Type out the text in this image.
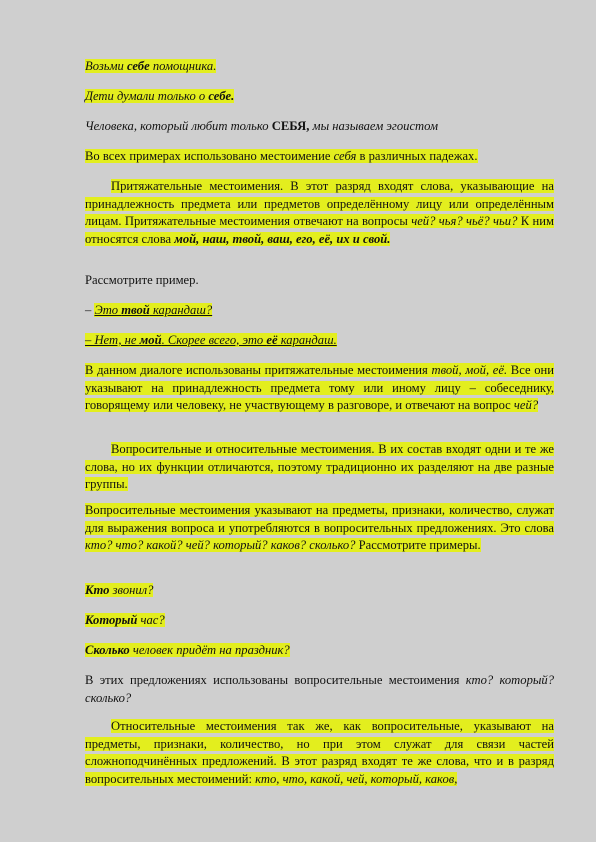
Возьми себе помощника.
Дети думали только о себе.
Человека, который любит только СЕБЯ, мы называем эгоистом
Во всех примерах использовано местоимение себя в различных падежах.
Притяжательные местоимения. В этот разряд входят слова, указывающие на принадлежность предмета или предметов определённому лицу или определённым лицам. Притяжательные местоимения отвечают на вопросы чей? чья? чьё? чьи? К ним относятся слова мой, наш, твой, ваш, его, её, их и свой.
Рассмотрите пример.
– Это твой карандаш?
– Нет, не мой. Скорее всего, это её карандаш.
В данном диалоге использованы притяжательные местоимения твой, мой, её. Все они указывают на принадлежность предмета тому или иному лицу – собеседнику, говорящему или человеку, не участвующему в разговоре, и отвечают на вопрос чей?
Вопросительные и относительные местоимения. В их состав входят одни и те же слова, но их функции отличаются, поэтому традиционно их разделяют на две разные группы.
Вопросительные местоимения указывают на предметы, признаки, количество, служат для выражения вопроса и употребляются в вопросительных предложениях. Это слова кто? что? какой? чей? который? каков? сколько? Рассмотрите примеры.
Кто звонил?
Который час?
Сколько человек придёт на праздник?
В этих предложениях использованы вопросительные местоимения кто? который? сколько?
Относительные местоимения так же, как вопросительные, указывают на предметы, признаки, количество, но при этом служат для связи частей сложноподчинённых предложений. В этот разряд входят те же слова, что и в разряд вопросительных местоимений: кто, что, какой, чей, который, каков,
